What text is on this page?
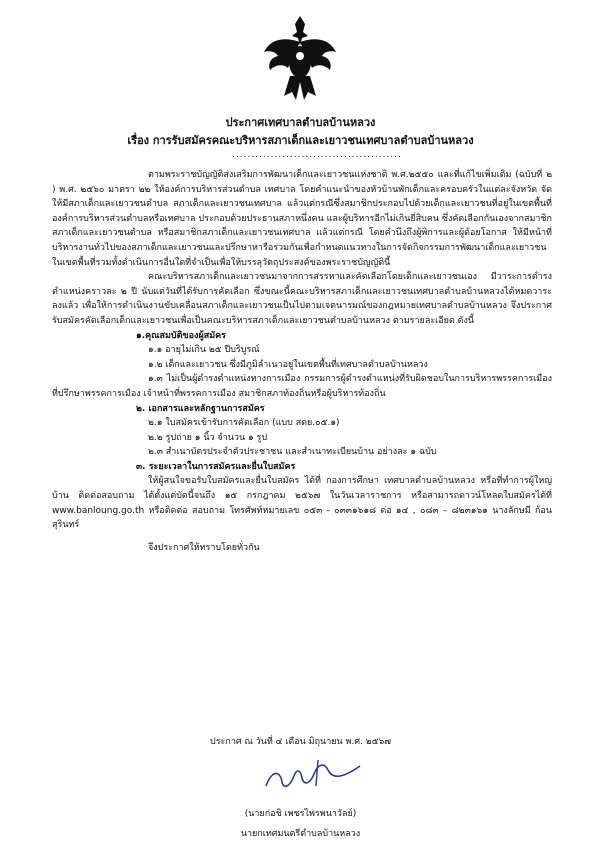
ประกาศเทศบาลตำบลบ้านหลวง
เรื่อง การรับสมัครคณะบริหารสภาเด็กและเยาวชนเทศบาลตำบลบ้านหลวง
............................................

ตามพระราชบัญญัติส่งเสริมการพัฒนาเด็กและเยาวชนแห่งชาติ พ.ศ.๒๕๕๐ และที่แก้ไขเพิ่มเติม (ฉบับที่ ๒ ) พ.ศ. ๒๕๖๐ มาตรา ๒๒ ให้องค์การบริหารส่วนตำบล เทศบาล โดยคำแนะนำของหัวบ้านพักเด็กและครอบครัวในแต่ละจังหวัด จัดให้มีสภาเด็กและเยาวชนตำบล สภาเด็กและเยาวชนเทศบาล แล้วแต่กรณีซึ่งสมาชิกประกอบไปด้วยเด็กและเยาวชนที่อยู่ในเขตพื้นที่องค์การบริหารส่วนตำบลหรือเทศบาล ประกอบด้วยประธานสภาหนึ่งคน และผู้บริหารอีกไม่เกินยี่สิบคน ซึ่งคัดเลือกกันเองจากสมาชิกสภาเด็กและเยาวชนตำบล หรือสมาชิกสภาเด็กและเยาวชนเทศบาล แล้วแต่กรณี โดยคำนึงถึงผู้พิการและผู้ด้อยโอกาส ให้มีหน้าที่บริหารงานทั่วไปของสภาเด็กและเยาวชนและปรึกษาหารือร่วมกันเพื่อกำหนดแนวทางในการจัดกิจกรรมการพัฒนาเด็กและเยาวชนในเขตพื้นที่รวมทั้งดำเนินการอื่นใดที่จำเป็นเพื่อให้บรรลุวัตถุประสงค์ของพระราชบัญญัตินี้

คณะบริหารสภาเด็กและเยาวชนมาจากการสรรหาและคัดเลือกโดยเด็กและเยาวชนเอง มีวาระการดำรงตำแหน่งคราวละ ๒ ปี นับแต่วันที่ได้รับการคัดเลือก ซึ่งขณะนี้คณะบริหารสภาเด็กและเยาวชนเทศบาลตำบลบ้านหลวงได้หมดวาระลงแล้ว เพื่อให้การดำเนินงานขับเคลื่อนสภาเด็กและเยาวชนเป็นไปตามเจตนารมณ์ของกฎหมายเทศบาลตำบลบ้านหลวง จึงประกาศรับสมัครคัดเลือกเด็กและเยาวชนเพื่อเป็นคณะบริหารสภาเด็กและเยาวชนตำบลบ้านหลวง ตามรายละเอียด ดังนี้

๑.คุณสมบัติของผู้สมัคร

๑.๑ อายุไม่เกิน ๒๕ ปีบริบูรณ์

๑.๒ เด็กและเยาวชน ซึ่งมีภูมิลำเนาอยู่ในเขตพื้นที่เทศบาลตำบลบ้านหลวง

๑.๓ ไม่เป็นผู้ดำรงตำแหน่งทางการเมือง กรรมการผู้ดำรงตำแหน่งที่รับผิดชอบในการบริหารพรรคการเมือง ที่ปรึกษาพรรคการเมือง เจ้าหน้าที่พรรคการเมือง สมาชิกสภาท้องถิ่นหรือผู้บริหารท้องถิ่น

๒. เอกสารและหลักฐานการสมัคร

๒.๑ ใบสมัครเข้ารับการคัดเลือก (แบบ สดย.๐๕.๑)

๒.๒ รูปถ่าย ๑ นิ้ว จำนวน ๑ รูป

๒.๓ สำเนาบัตรประจำตัวประชาชน และสำเนาทะเบียนบ้าน อย่างละ ๑ ฉบับ

๓. ระยะเวลาในการสมัครและยื่นใบสมัคร

ให้ผู้สนใจขอรับใบสมัครและยื่นใบสมัคร ได้ที่ กองการศึกษา เทศบาลตำบลบ้านหลวง หรือที่ทำการผู้ใหญ่บ้าน ติดต่อสอบถาม ได้ตั้งแต่บัดนี้จนถึง ๑๕ กรกฎาคม ๒๕๖๗ ในวันเวลาราชการ หรือสามารถดาวน์โหลดใบสมัครได้ที่ www.banloung.go.th หรือติดต่อ สอบถาม โทรศัพท์หมายเลข ๐๕๓ - ๐๓๓๑๖๑๘ ต่อ ๑๔ , ๐๘๓ – ๘๒๓๑๖๑ นางลักษมี ก้อนสุรินทร์

จึงประกาศให้ทราบโดยทั่วกัน

ประกาศ ณ วันที่ ๔ เดือน มิถุนายน พ.ศ. ๒๕๖๗
(นายก่อชิ เพชรไพรพนาวัลย์)
นายกเทศมนตรีตำบลบ้านหลวง
